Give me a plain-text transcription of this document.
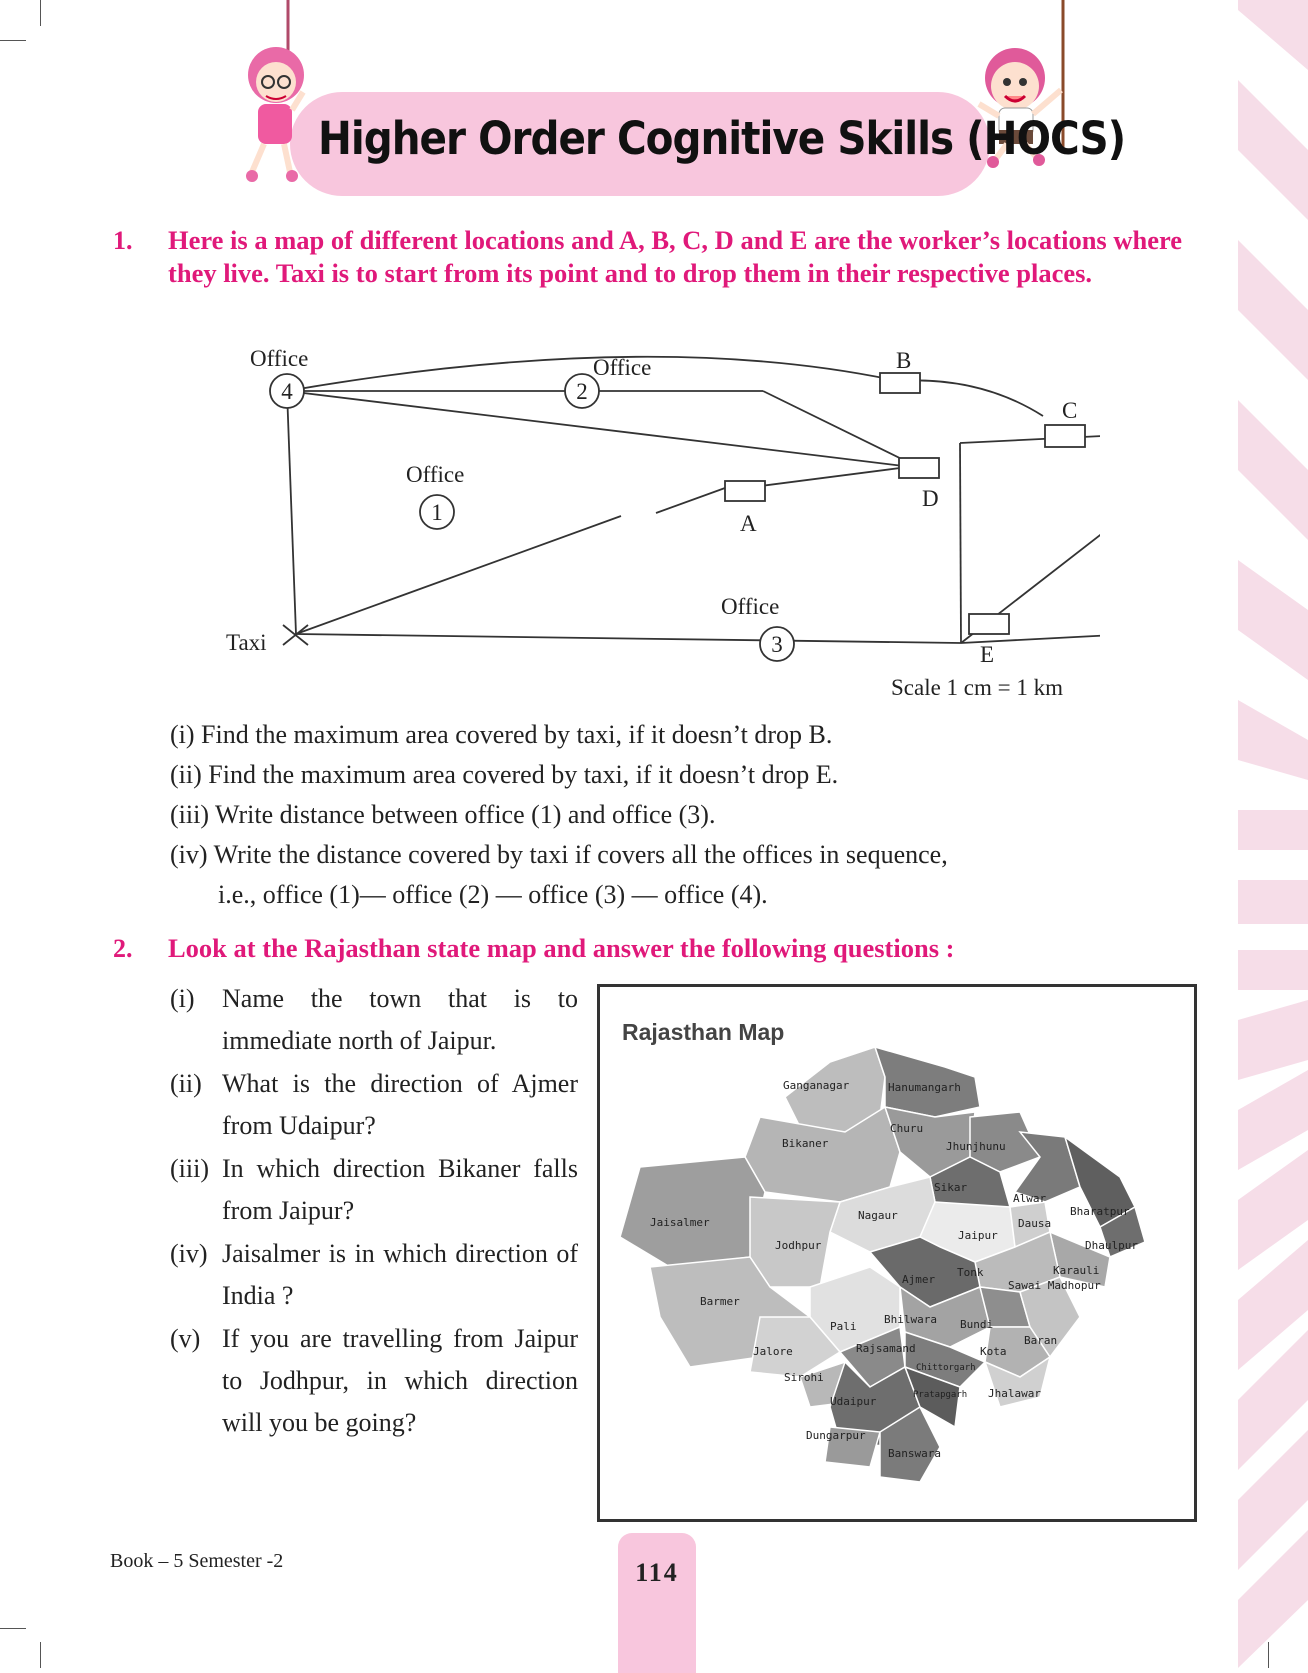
Higher Order Cognitive Skills (HOCS)
1. Here is a map of different locations and A, B, C, D and E are the worker’s locations where they live. Taxi is to start from its point and to drop them in their respective places.
Office
4
Office
2
Office
1
Office
3
B
C
D
A
E
Taxi
Scale 1 cm = 1 km
(i) Find the maximum area covered by taxi, if it doesn’t drop B.
(ii) Find the maximum area covered by taxi, if it doesn’t drop E.
(iii) Write distance between office (1) and office (3).
(iv) Write the distance covered by taxi if covers all the offices in sequence,
i.e., office (1)— office (2) — office (3) — office (4).
2. Look at the Rajasthan state map and answer the following questions :
(i) Name the town that is to immediate north of Jaipur.
(ii) What is the direction of Ajmer from Udaipur?
(iii) In which direction Bikaner falls from Jaipur?
(iv) Jaisalmer is in which direction of India ?
(v) If you are travelling from Jaipur to Jodhpur, in which direction will you be going?
Rajasthan Map
Ganganagar	Hanumangarh
Churu
Bikaner	Jhunjhunu
Sikar
Alwar
Bharatpur
Dausa
Dhaulpur
Jaisalmer
Nagaur
Jaipur
Jodhpur
Karauli
Tonk
Sawai Madhopur
Ajmer
Barmer
Pali
Bhilwara Bundi
Baran
Jalore	Rajsamand	Kota
Chittorgarh
Sirohi
Pratapgarh Jhalawar
Udaipur
Dungarpur
Banswara
Book – 5 Semester -2	114
